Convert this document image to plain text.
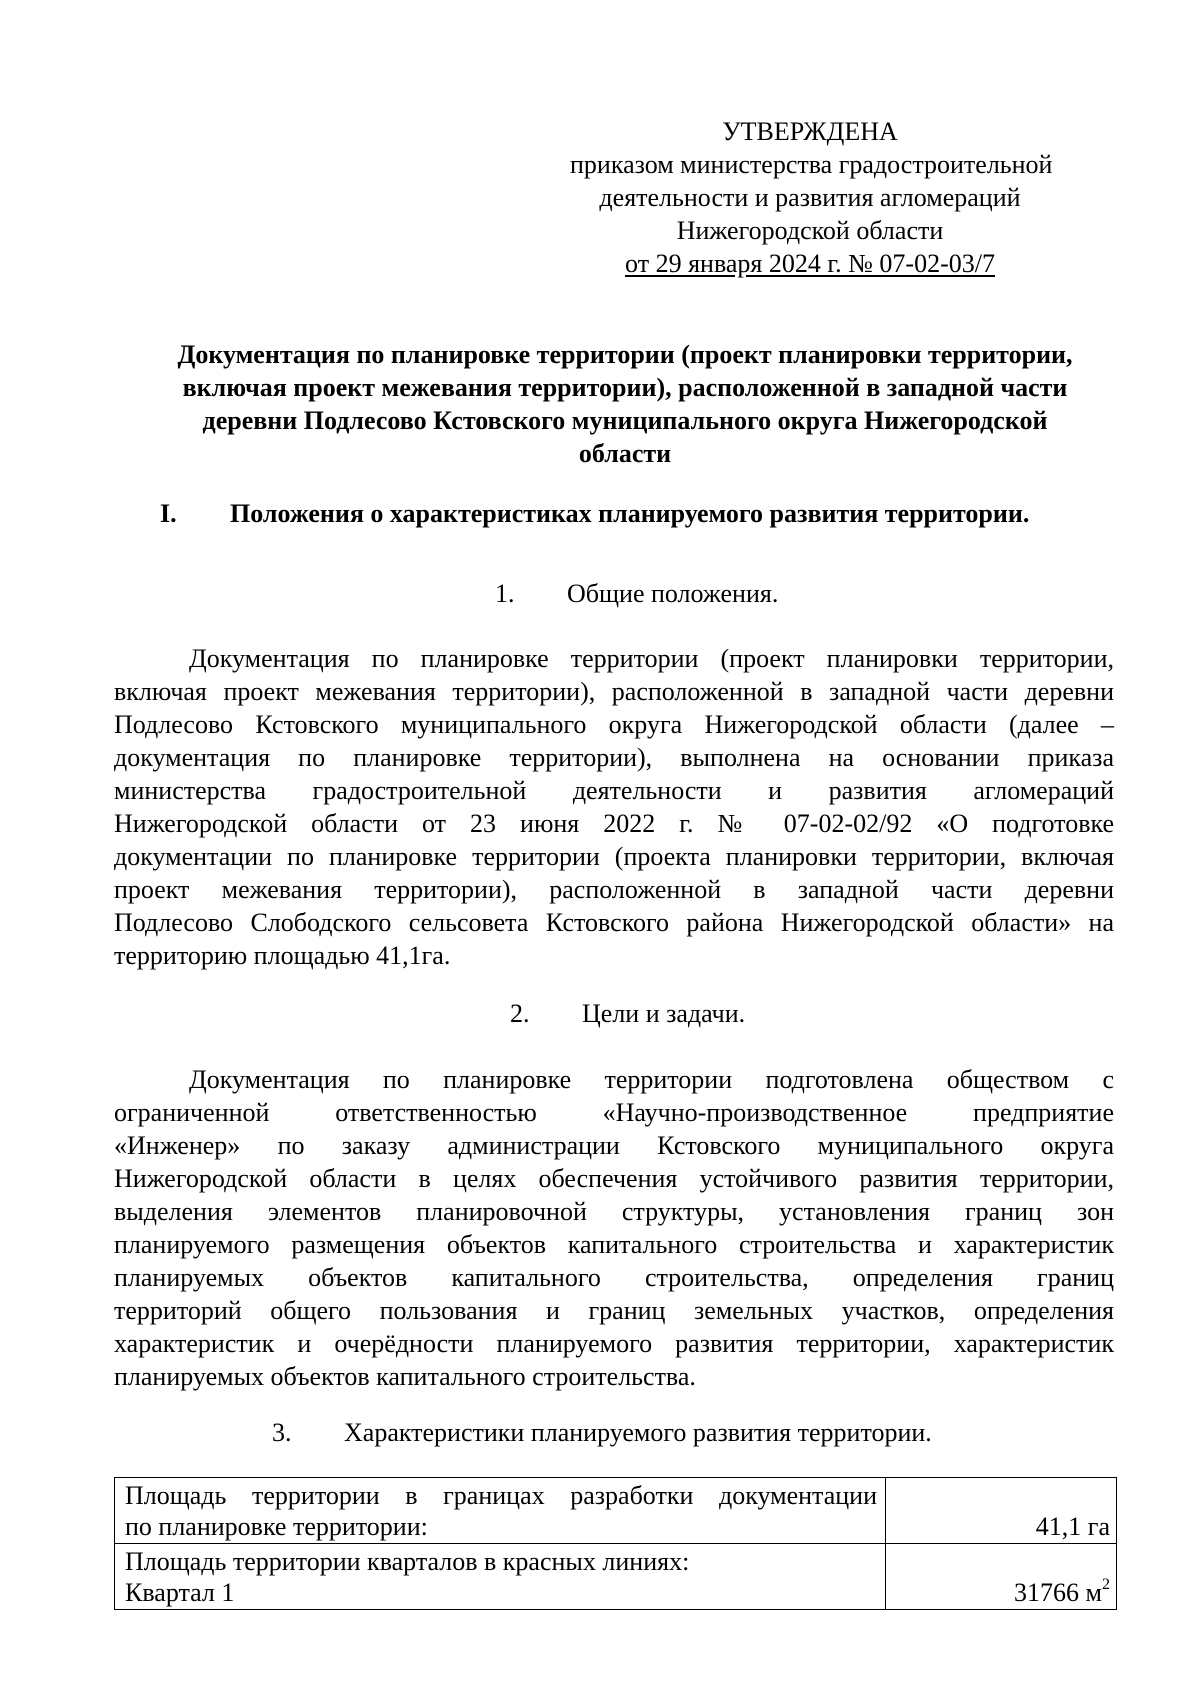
УТВЕРЖДЕНА
приказом министерства градостроительной
деятельности и развития агломераций
Нижегородской области
от 29 января 2024 г. № 07-02-03/7
Документация по планировке территории (проект планировки территории,
включая проект межевания территории), расположенной в западной части
деревни Подлесово Кстовского муниципального округа Нижегородской
области
I. Положения о характеристиках планируемого развития территории.
1. Общие положения.
Документация по планировке территории (проект планировки территории,
включая проект межевания территории), расположенной в западной части деревни
Подлесово Кстовского муниципального округа Нижегородской области (далее –
документация по планировке территории), выполнена на основании приказа
министерства градостроительной деятельности и развития агломераций
Нижегородской области от 23 июня 2022 г. № 07-02-02/92 «О подготовке
документации по планировке территории (проекта планировки территории, включая
проект межевания территории), расположенной в западной части деревни
Подлесово Слободского сельсовета Кстовского района Нижегородской области» на
территорию площадью 41,1га.
2. Цели и задачи.
Документация по планировке территории подготовлена обществом с
ограниченной ответственностью «Научно-производственное предприятие
«Инженер» по заказу администрации Кстовского муниципального округа
Нижегородской области в целях обеспечения устойчивого развития территории,
выделения элементов планировочной структуры, установления границ зон
планируемого размещения объектов капитального строительства и характеристик
планируемых объектов капитального строительства, определения границ
территорий общего пользования и границ земельных участков, определения
характеристик и очерёдности планируемого развития территории, характеристик
планируемых объектов капитального строительства.
3. Характеристики планируемого развития территории.
Площадь территории в границах разработки документации
по планировке территории:	41,1 га

Площадь территории кварталов в красных линиях:
Квартал 1	31766 $м^2$
